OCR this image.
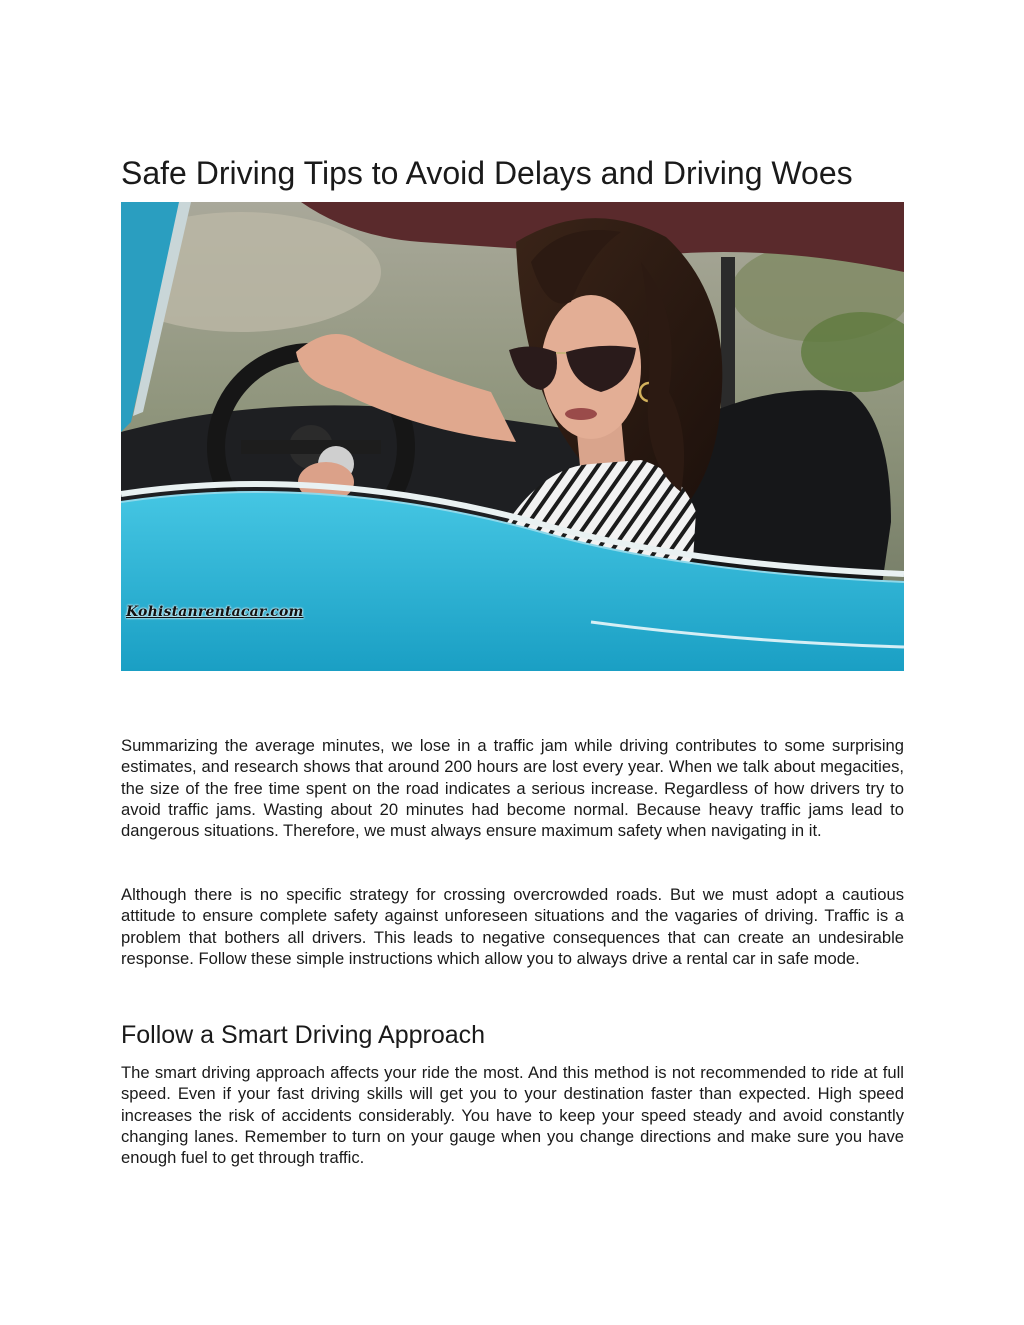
Safe Driving Tips to Avoid Delays and Driving Woes
Kohistanrentacar.com

Summarizing the average minutes, we lose in a traffic jam while driving contributes to some surprising estimates, and research shows that around 200 hours are lost every year. When we talk about megacities, the size of the free time spent on the road indicates a serious increase. Regardless of how drivers try to avoid traffic jams. Wasting about 20 minutes had become normal. Because heavy traffic jams lead to dangerous situations. Therefore, we must always ensure maximum safety when navigating in it.

Although there is no specific strategy for crossing overcrowded roads. But we must adopt a cautious attitude to ensure complete safety against unforeseen situations and the vagaries of driving. Traffic is a problem that bothers all drivers. This leads to negative consequences that can create an undesirable response. Follow these simple instructions which allow you to always drive a rental car in safe mode.

Follow a Smart Driving Approach

The smart driving approach affects your ride the most. And this method is not recommended to ride at full speed. Even if your fast driving skills will get you to your destination faster than expected. High speed increases the risk of accidents considerably. You have to keep your speed steady and avoid constantly changing lanes. Remember to turn on your gauge when you change directions and make sure you have enough fuel to get through traffic.
